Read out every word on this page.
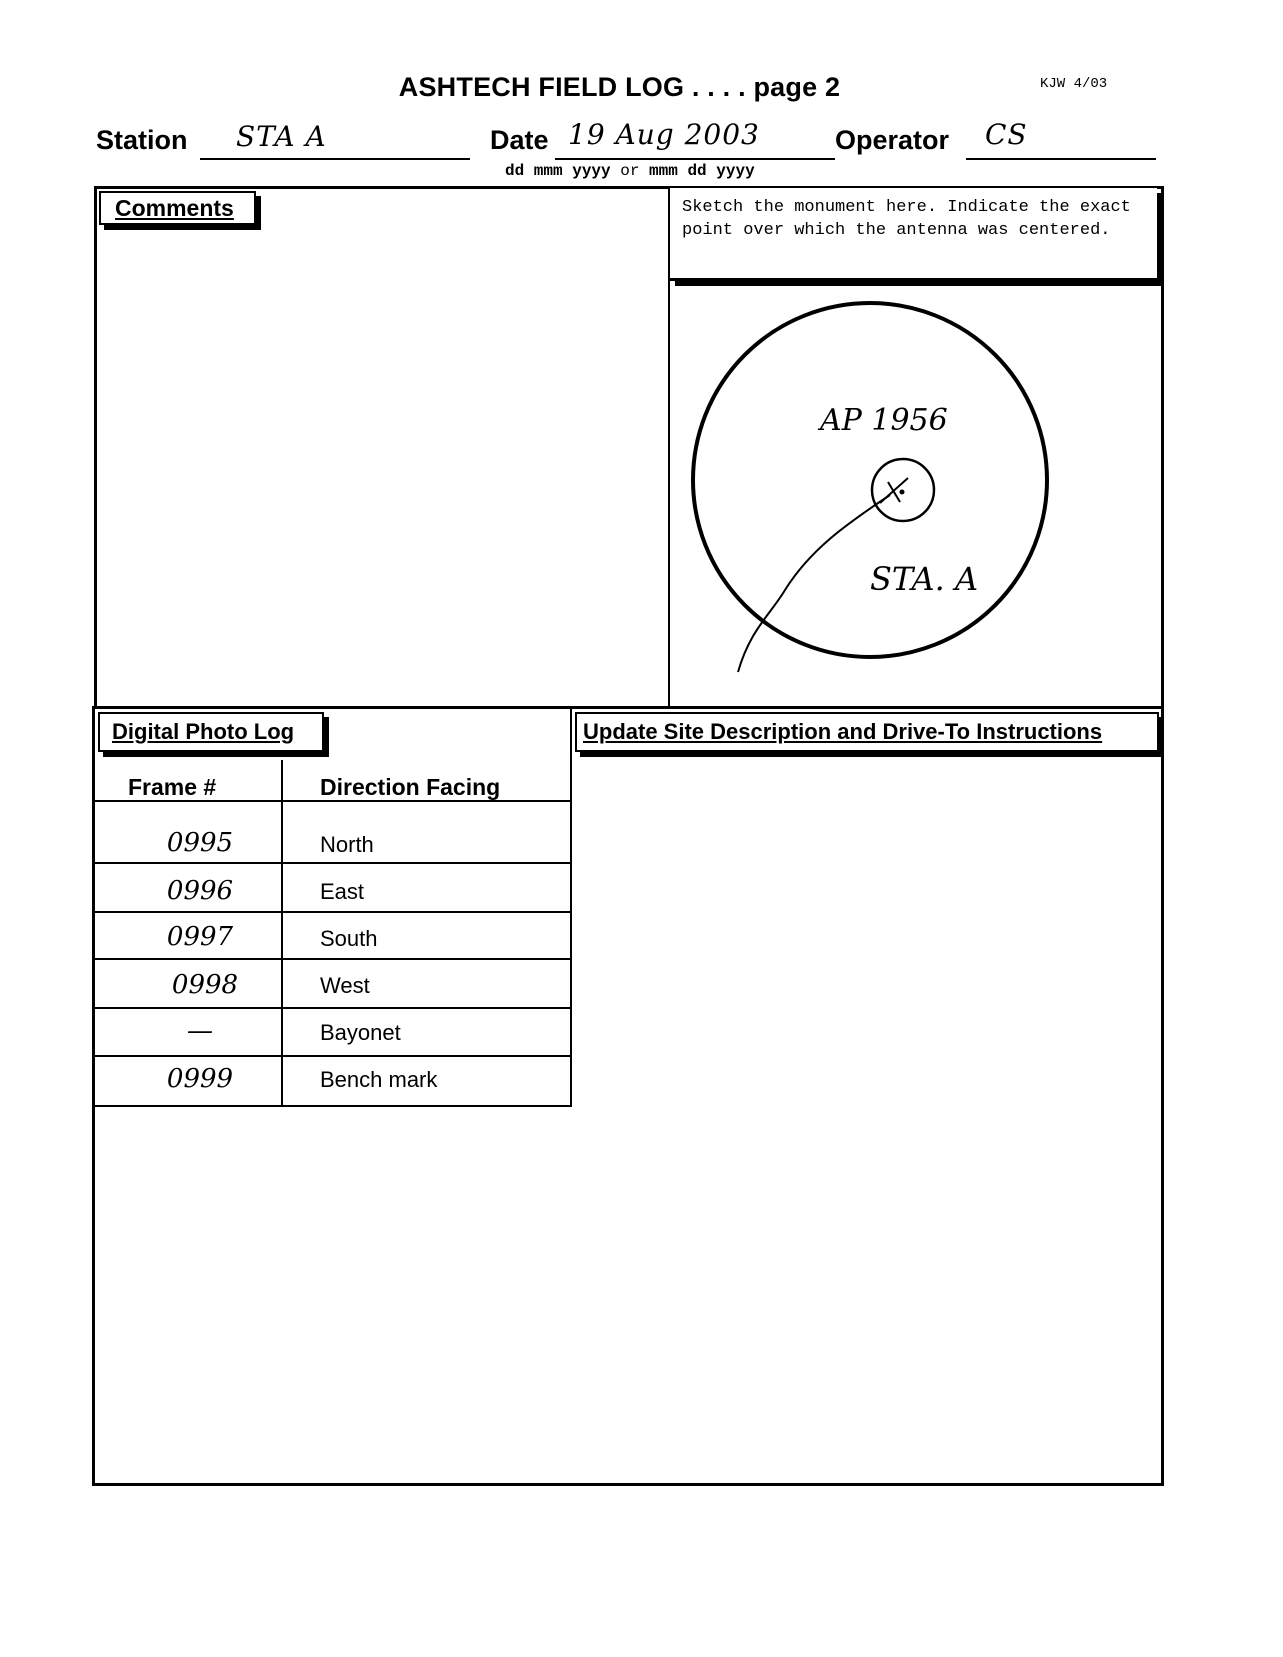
ASHTECH FIELD LOG . . . . page 2	KJW 4/03
Station STA A	Date 19 Aug 2003
dd mmm yyyy or mmm dd yyyy
Operator CS
Comments	Sketch the monument here. Indicate the exact point over which the antenna was centered.
AP 1956
STA. A
Digital Photo Log
Frame #	Direction Facing
0995	North
0996	East
0997	South
0998	West
—	Bayonet
0999	Bench mark
Update Site Description and Drive-To Instructions
